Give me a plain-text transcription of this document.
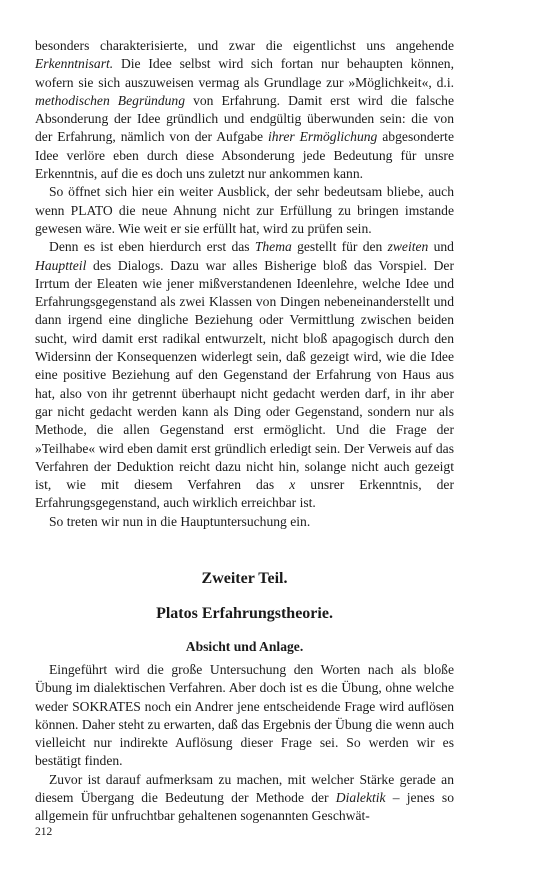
besonders charakterisierte, und zwar die eigentlichst uns angehende Erkenntnisart. Die Idee selbst wird sich fortan nur behaupten können, wofern sie sich auszuweisen vermag als Grundlage zur »Möglichkeit«, d.i. methodischen Begründung von Erfahrung. Damit erst wird die falsche Absonderung der Idee gründlich und endgültig überwunden sein: die von der Erfahrung, nämlich von der Aufgabe ihrer Ermöglichung abgesonderte Idee verlöre eben durch diese Absonderung jede Bedeutung für unsre Erkenntnis, auf die es doch uns zuletzt nur ankommen kann.

So öffnet sich hier ein weiter Ausblick, der sehr bedeutsam bliebe, auch wenn PLATO die neue Ahnung nicht zur Erfüllung zu bringen imstande gewesen wäre. Wie weit er sie erfüllt hat, wird zu prüfen sein.

Denn es ist eben hierdurch erst das Thema gestellt für den zweiten und Hauptteil des Dialogs. Dazu war alles Bisherige bloß das Vorspiel. Der Irrtum der Eleaten wie jener mißverstandenen Ideenlehre, welche Idee und Erfahrungsgegenstand als zwei Klassen von Dingen nebeneinanderstellt und dann irgend eine dingliche Beziehung oder Vermittlung zwischen beiden sucht, wird damit erst radikal entwurzelt, nicht bloß apagogisch durch den Widersinn der Konsequenzen widerlegt sein, daß gezeigt wird, wie die Idee eine positive Beziehung auf den Gegenstand der Erfahrung von Haus aus hat, also von ihr getrennt überhaupt nicht gedacht werden darf, in ihr aber gar nicht gedacht werden kann als Ding oder Gegenstand, sondern nur als Methode, die allen Gegenstand erst ermöglicht. Und die Frage der »Teilhabe« wird eben damit erst gründlich erledigt sein. Der Verweis auf das Verfahren der Deduktion reicht dazu nicht hin, solange nicht auch gezeigt ist, wie mit diesem Verfahren das x unsrer Erkenntnis, der Erfahrungsgegenstand, auch wirklich erreichbar ist.

So treten wir nun in die Hauptuntersuchung ein.

Zweiter Teil.
Platos Erfahrungstheorie.
Absicht und Anlage.

Eingeführt wird die große Untersuchung den Worten nach als bloße Übung im dialektischen Verfahren. Aber doch ist es die Übung, ohne welche weder SOKRATES noch ein Andrer jene entscheidende Frage wird auflösen können. Daher steht zu erwarten, daß das Ergebnis der Übung die wenn auch vielleicht nur indirekte Auflösung dieser Frage sei. So werden wir es bestätigt finden.

Zuvor ist darauf aufmerksam zu machen, mit welcher Stärke gerade an diesem Übergang die Bedeutung der Methode der Dialektik – jenes so allgemein für unfruchtbar gehaltenen sogenannten Geschwät-

212
